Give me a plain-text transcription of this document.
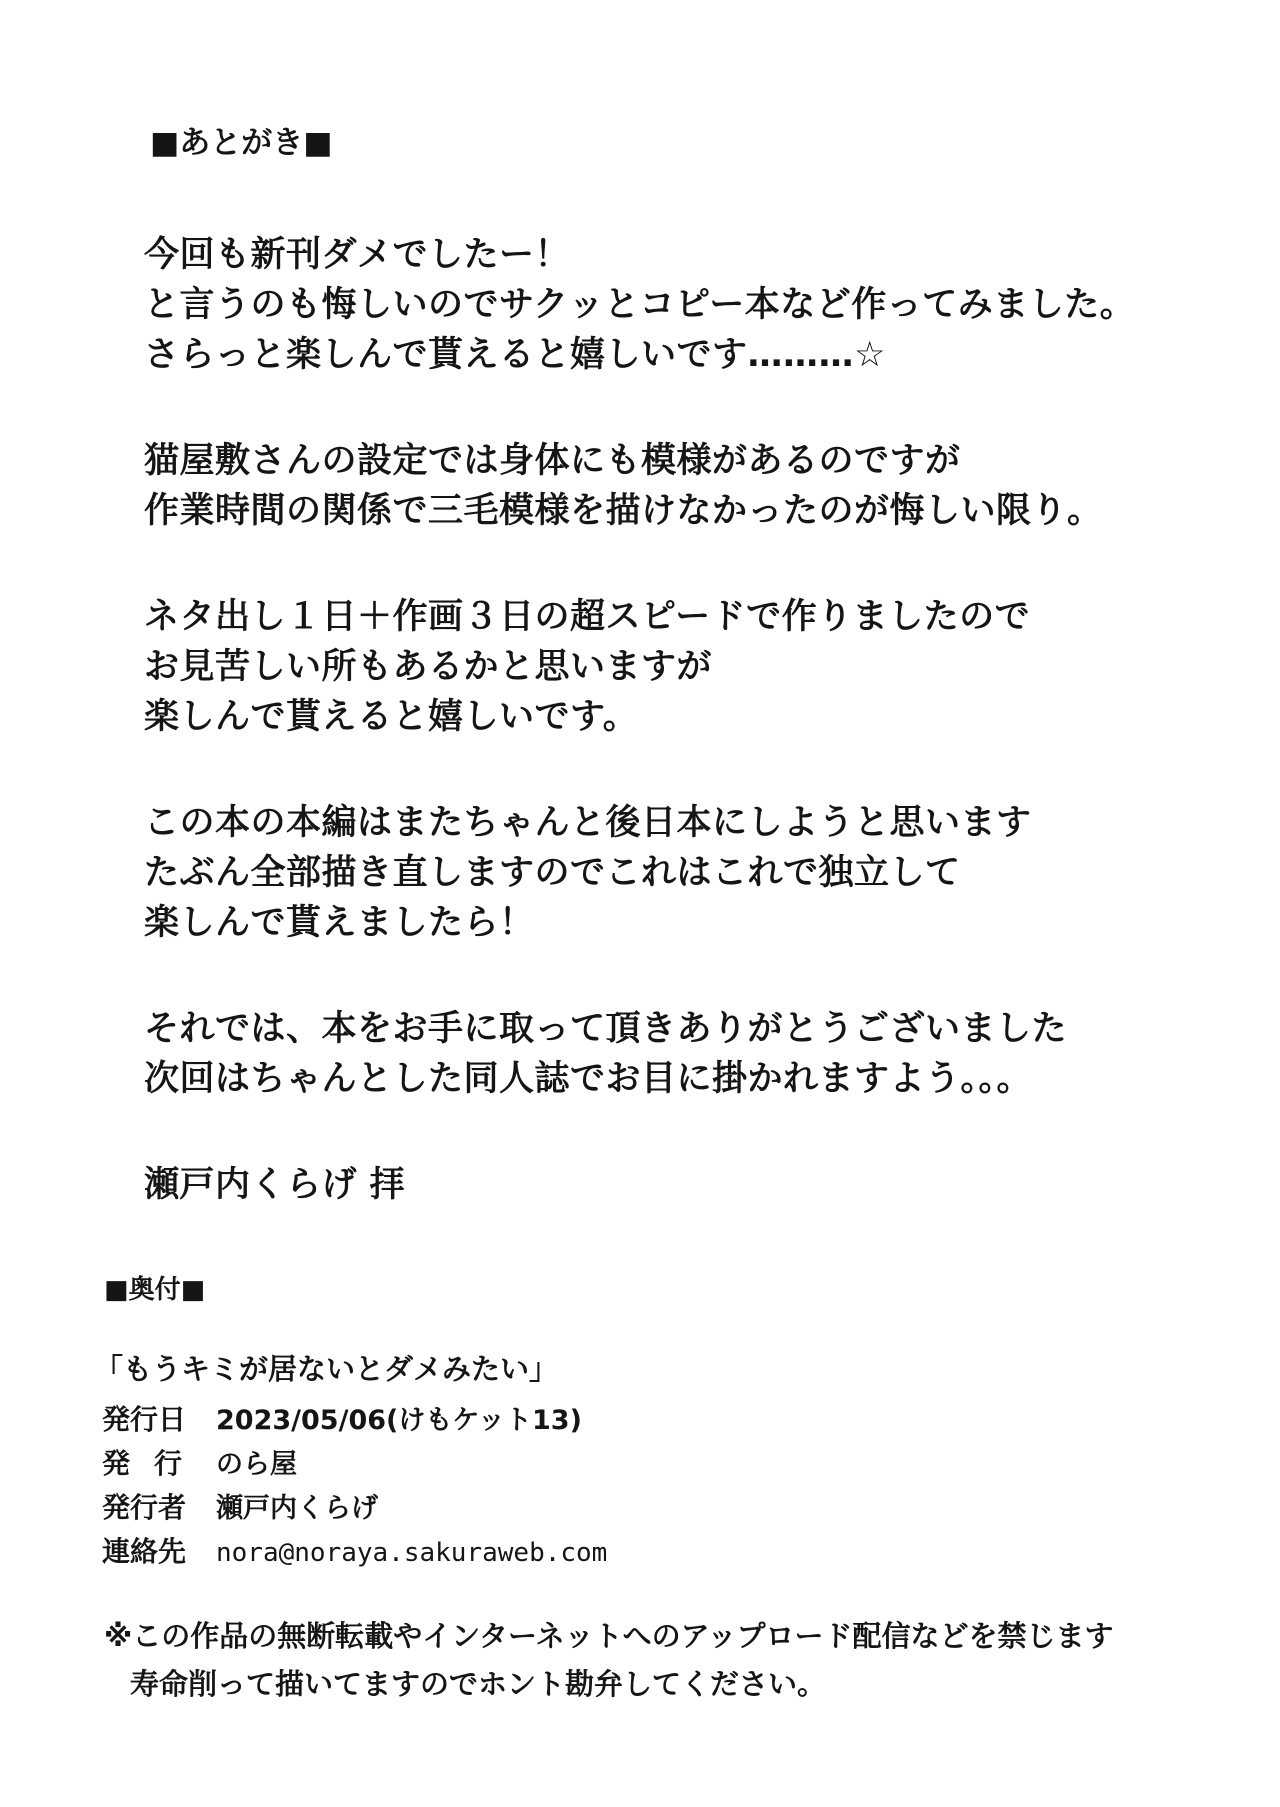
■あとがき■
今回も新刊ダメでしたー！
と言うのも悔しいのでサクッとコピー本など作ってみました。
さらっと楽しんで貰えると嬉しいです………☆
猫屋敷さんの設定では身体にも模様があるのですが
作業時間の関係で三毛模様を描けなかったのが悔しい限り。
ネタ出し１日＋作画３日の超スピードで作りましたので
お見苦しい所もあるかと思いますが
楽しんで貰えると嬉しいです。
この本の本編はまたちゃんと後日本にしようと思います
たぶん全部描き直しますのでこれはこれで独立して
楽しんで貰えましたら！
それでは、本をお手に取って頂きありがとうございました
次回はちゃんとした同人誌でお目に掛かれますよう。。。
瀬戸内くらげ 拝
■奥付■
「もうキミが居ないとダメみたい」
発行日	2023/05/06(けもケット13)
発行 のら屋
発行者	瀬戸内くらげ
連絡先	nora@noraya.sakuraweb.com
※この作品の無断転載やインターネットへのアップロード配信などを禁じます
寿命削って描いてますのでホント勘弁してください。
